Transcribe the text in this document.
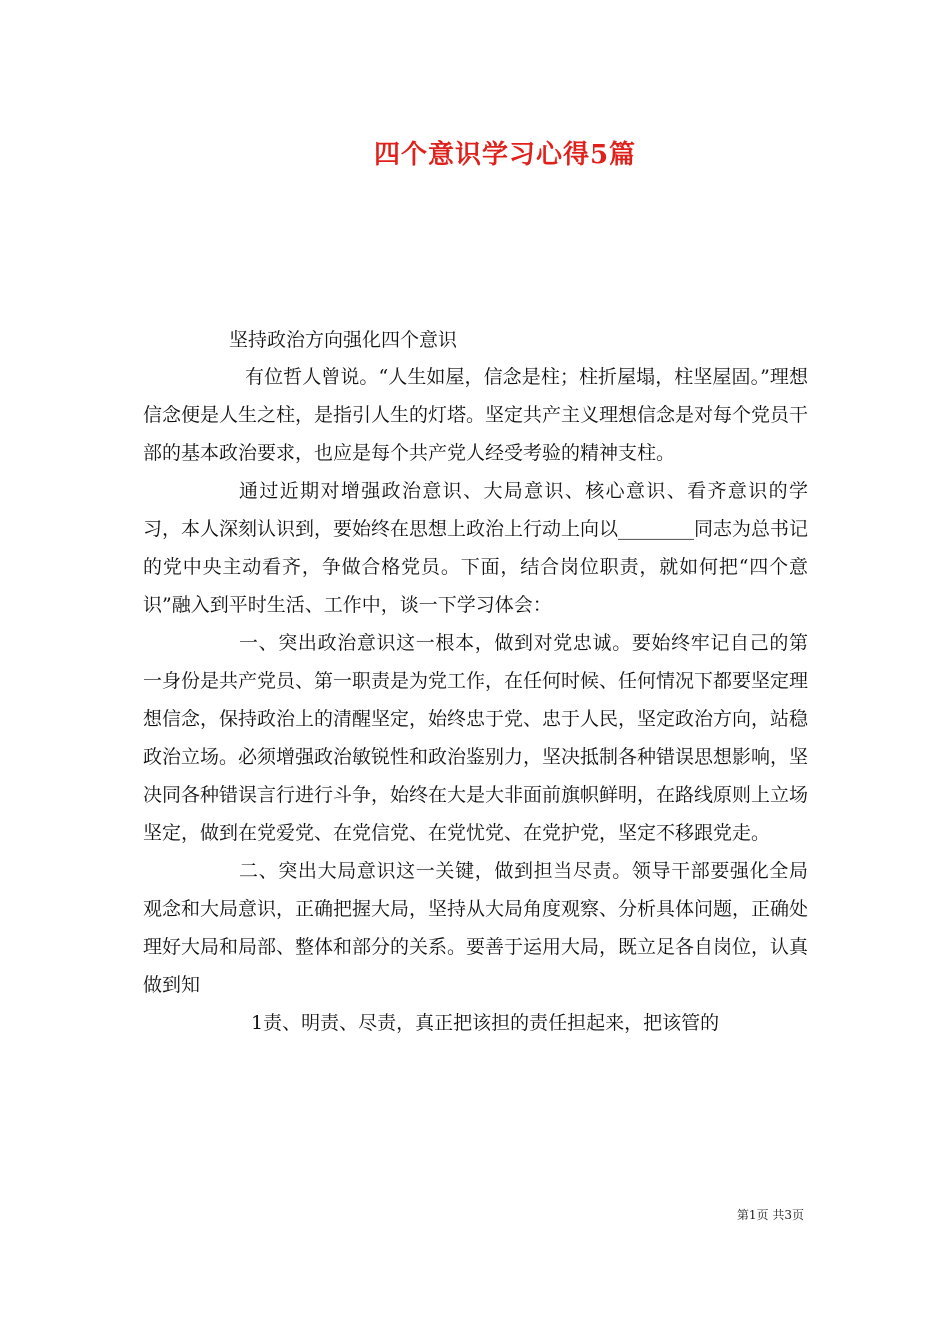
四个意识学习心得5篇

坚持政治方向强化四个意识

有位哲人曾说。“人生如屋，信念是柱；柱折屋塌，柱坚屋固。”理想信念便是人生之柱，是指引人生的灯塔。坚定共产主义理想信念是对每个党员干部的基本政治要求，也应是每个共产党人经受考验的精神支柱。

通过近期对增强政治意识、大局意识、核心意识、看齐意识的学习，本人深刻认识到，要始终在思想上政治上行动上向以________同志为总书记的党中央主动看齐，争做合格党员。下面，结合岗位职责，就如何把“四个意识”融入到平时生活、工作中，谈一下学习体会：

一、突出政治意识这一根本，做到对党忠诚。要始终牢记自己的第一身份是共产党员、第一职责是为党工作，在任何时候、任何情况下都要坚定理想信念，保持政治上的清醒坚定，始终忠于党、忠于人民，坚定政治方向，站稳政治立场。必须增强政治敏锐性和政治鉴别力，坚决抵制各种错误思想影响，坚决同各种错误言行进行斗争，始终在大是大非面前旗帜鲜明，在路线原则上立场坚定，做到在党爱党、在党信党、在党忧党、在党护党，坚定不移跟党走。

二、突出大局意识这一关键，做到担当尽责。领导干部要强化全局观念和大局意识，正确把握大局，坚持从大局角度观察、分析具体问题，正确处理好大局和局部、整体和部分的关系。要善于运用大局，既立足各自岗位，认真做到知

1责、明责、尽责，真正把该担的责任担起来，把该管的

第1页 共3页
